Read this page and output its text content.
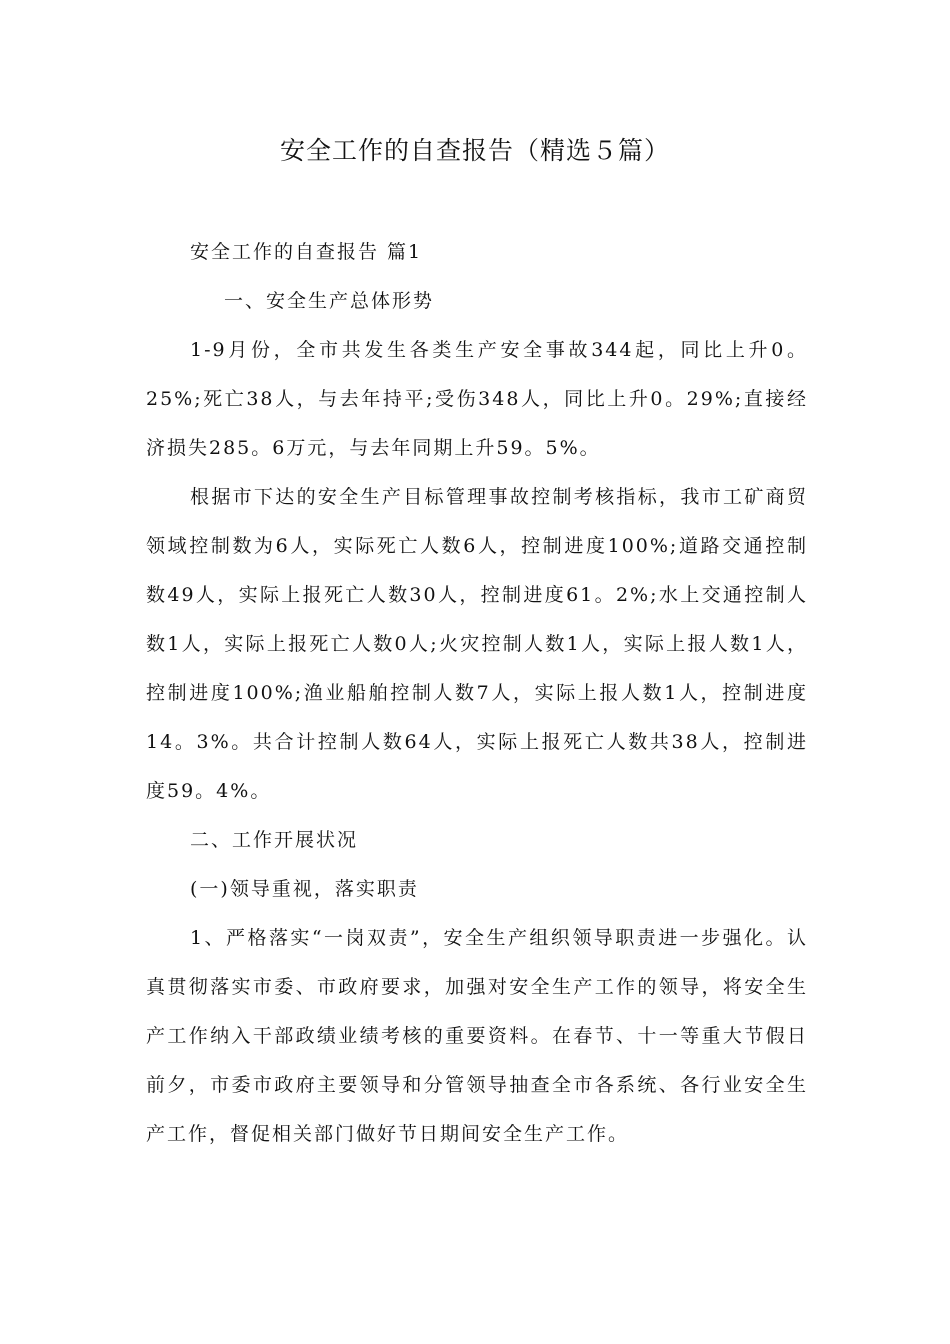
安全工作的自查报告（精选５篇）

安全工作的自查报告 篇1

一、安全生产总体形势

1-9月份，全市共发生各类生产安全事故344起，同比上升0。25%;死亡38人，与去年持平;受伤348人，同比上升0。29%;直接经济损失285。6万元，与去年同期上升59。5%。

根据市下达的安全生产目标管理事故控制考核指标，我市工矿商贸领域控制数为6人，实际死亡人数6人，控制进度100%;道路交通控制数49人，实际上报死亡人数30人，控制进度61。2%;水上交通控制人数1人，实际上报死亡人数0人;火灾控制人数1人，实际上报人数1人，控制进度100%;渔业船舶控制人数7人，实际上报人数1人，控制进度14。3%。共合计控制人数64人，实际上报死亡人数共38人，控制进度59。4%。

二、工作开展状况

(一)领导重视，落实职责

1、严格落实“一岗双责”，安全生产组织领导职责进一步强化。认真贯彻落实市委、市政府要求，加强对安全生产工作的领导，将安全生产工作纳入干部政绩业绩考核的重要资料。在春节、十一等重大节假日前夕，市委市政府主要领导和分管领导抽查全市各系统、各行业安全生产工作，督促相关部门做好节日期间安全生产工作。
